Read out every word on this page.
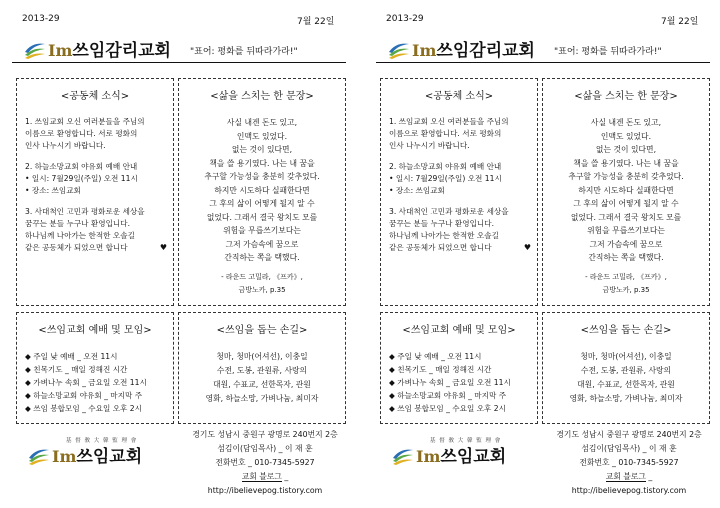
2013-29	7월 22일
Im 쓰임감리교회 "표어: 평화를 뒤따라가라!"
<공동체 소식>
1. 쓰임교회 오신 여러분들을 주님의
이름으로 환영합니다. 서로 평화의
인사 나누시기 바랍니다.
2. 하늘소망교회 야유회 예배 안내
• 일시: 7월29일(주일) 오전 11시
• 장소: 쓰임교회
3. 사대척인 고민과 평화로운 세상을
꿈꾸는 분들 누구나 환영입니다.
하나님께 나아가는 한적한 오솔길
같은 공동체가 되었으면 합니다	♥
<삶을 스치는 한 문장>
사실 내겐 돈도 있고,
인맥도 있었다.
없는 것이 있다면,
책을 쓸 용기였다. 나는 내 꿈을
추구할 가능성을 충분히 갖추었다.
하지만 시도하다 실패한다면
그 후의 삶이 어떻게 될지 알 수
없었다. 그래서 결국 왕치도 모를
위험을 무릅쓰기보다는
그저 가슴속에 꿈으로
간직하는 쪽을 택했다.
- 라운드 고밀라, 《프카》,
금방노카, p.35
<쓰임교회 예배 및 모임>
◆ 주일 낮 예배 _ 오전 11시
◆ 친목기도 _ 매일 정해진 시간
◆ 가벼나누 속회 _ 금요일 오전 11시
◆ 하늘소망교회 야유회 _ 마지막 주
◆ 쓰임 봉합모임 _ 수요일 오후 2시
<쓰임을 돕는 손길>
청마, 청마(어셔선), 이충일
수전, 도봉, 관원류, 사랑의
대원, 수표교, 선한목자, 관원
영화, 하늘소망, 가벼나눔, 최미자
基 督 敎 大 韓 監 理 會
Im 쓰임교회
경기도 성남시 중원구 광명로 240번지 2층
섬김이(담임목사) _ 이 재 훈
전화번호 _ 010-7345-5927
교회 블로그 _ http://ibelievepog.tistory.com
2013-29	7월 22일
Im 쓰임감리교회 "표어: 평화를 뒤따라가라!"
<공동체 소식>
1. 쓰임교회 오신 여러분들을 주님의
이름으로 환영합니다. 서로 평화의
인사 나누시기 바랍니다.
2. 하늘소망교회 야유회 예배 안내
• 일시: 7월29일(주일) 오전 11시
• 장소: 쓰임교회
3. 사대척인 고민과 평화로운 세상을
꿈꾸는 분들 누구나 환영입니다.
하나님께 나아가는 한적한 오솔길
같은 공동체가 되었으면 합니다	♥
<삶을 스치는 한 문장>
사실 내겐 돈도 있고,
인맥도 있었다.
없는 것이 있다면,
책을 쓸 용기였다. 나는 내 꿈을
추구할 가능성을 충분히 갖추었다.
하지만 시도하다 실패한다면
그 후의 삶이 어떻게 될지 알 수
없었다. 그래서 결국 왕치도 모를
위험을 무릅쓰기보다는
그저 가슴속에 꿈으로
간직하는 쪽을 택했다.
- 라운드 고밀라, 《프카》,
금방노카, p.35
<쓰임교회 예배 및 모임>
◆ 주일 낮 예배 _ 오전 11시
◆ 친목기도 _ 매일 정해진 시간
◆ 가벼나누 속회 _ 금요일 오전 11시
◆ 하늘소망교회 야유회 _ 마지막 주
◆ 쓰임 봉합모임 _ 수요일 오후 2시
<쓰임을 돕는 손길>
청마, 청마(어셔선), 이충일
수전, 도봉, 관원류, 사랑의
대원, 수표교, 선한목자, 관원
영화, 하늘소망, 가벼나눔, 최미자
基 督 敎 大 韓 監 理 會
Im 쓰임교회
경기도 성남시 중원구 광명로 240번지 2층
섬김이(담임목사) _ 이 재 훈
전화번호 _ 010-7345-5927
교회 블로그 _ http://ibelievepog.tistory.com
